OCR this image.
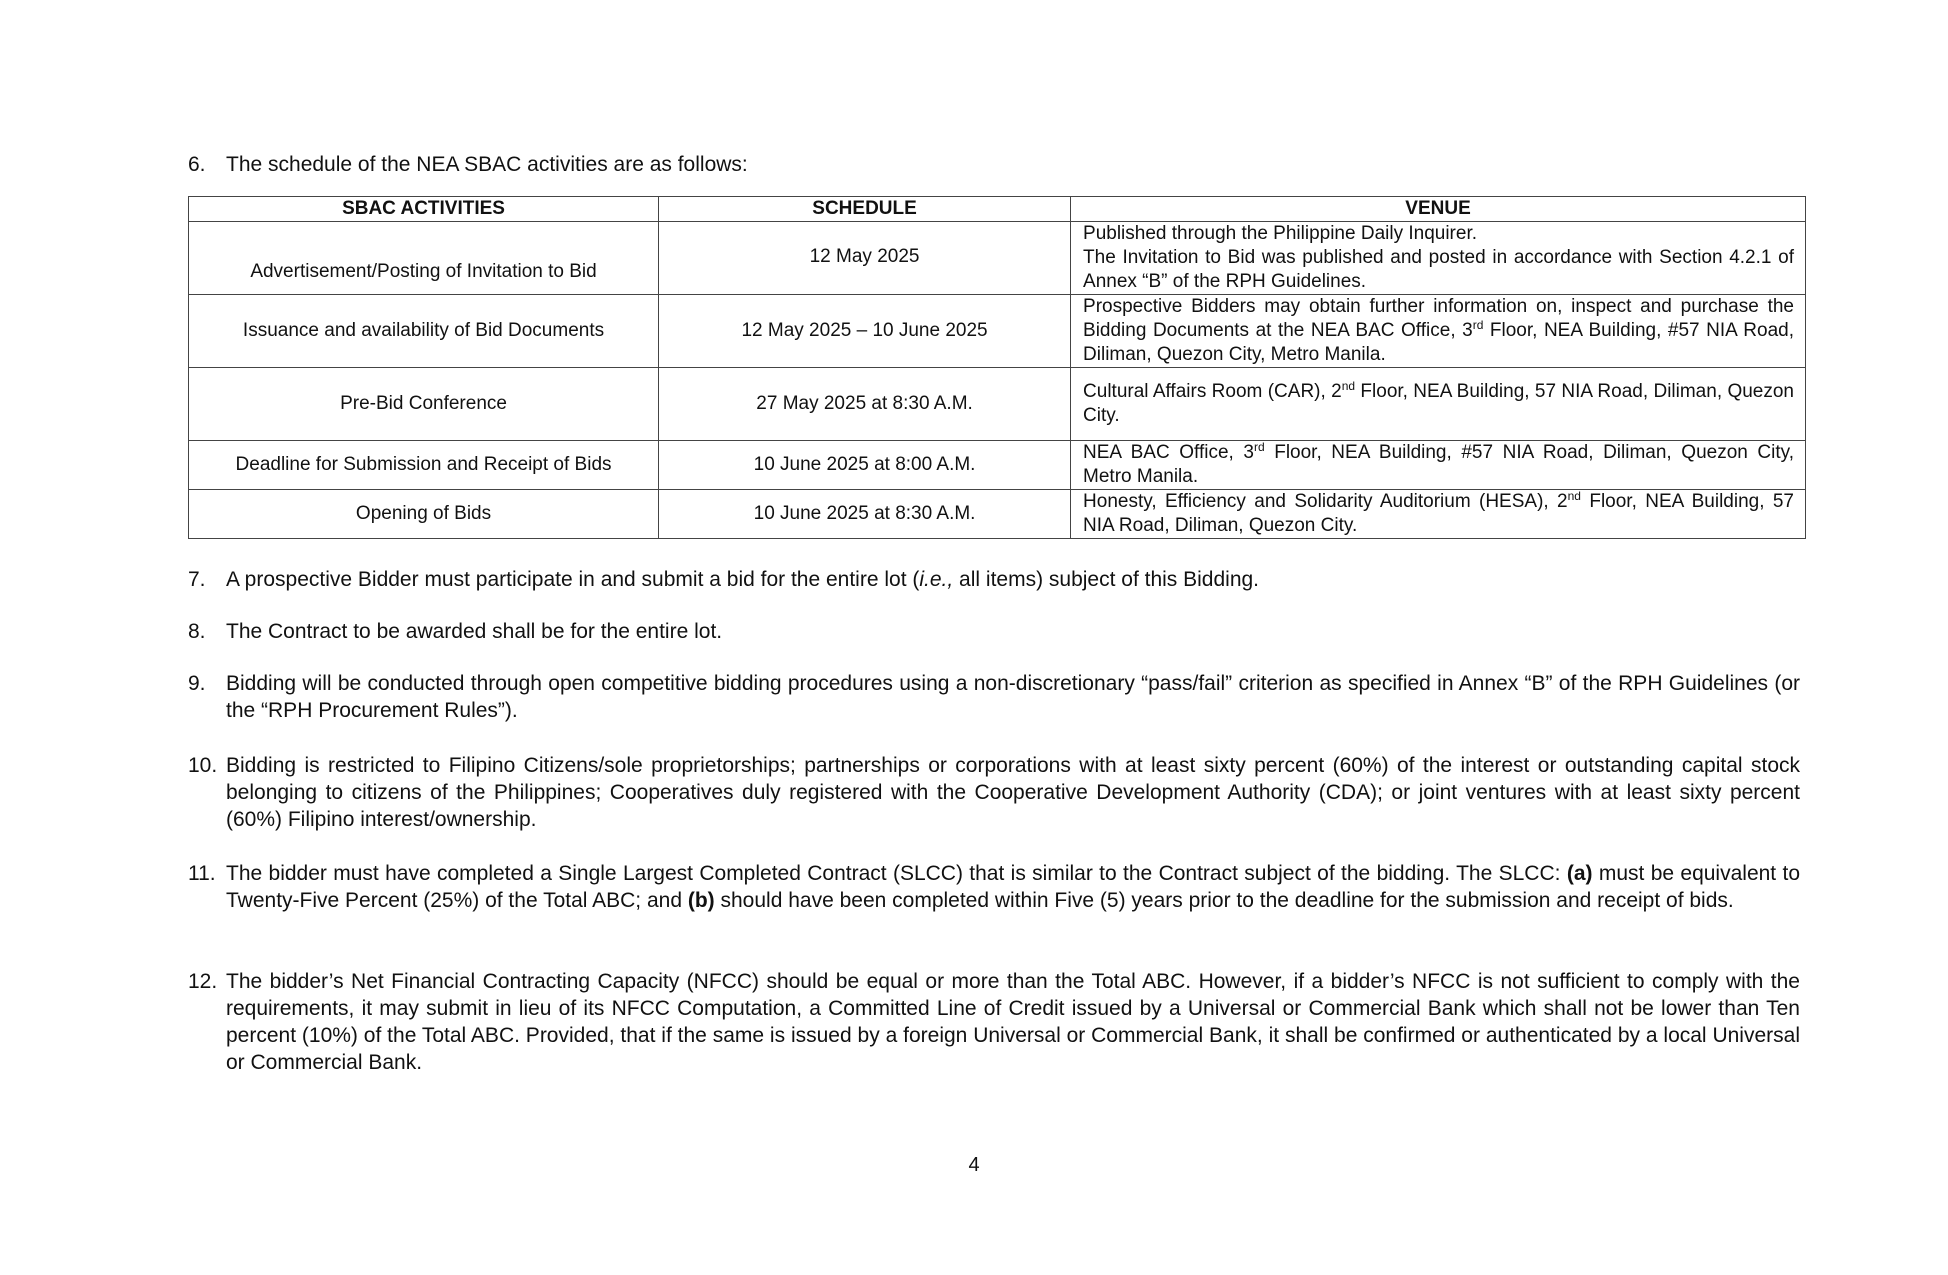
6. The schedule of the NEA SBAC activities are as follows:
SBAC ACTIVITIES	SCHEDULE	VENUE
Advertisement/Posting of Invitation to Bid	12 May 2025	Published through the Philippine Daily Inquirer.
The Invitation to Bid was published and posted in accordance with Section 4.2.1 of Annex “B” of the RPH Guidelines.

Issuance and availability of Bid Documents	12 May 2025 – 10 June 2025	Prospective Bidders may obtain further information on, inspect and purchase the Bidding Documents at the NEA BAC Office, 3rd Floor, NEA Building, #57 NIA Road, Diliman, Quezon City, Metro Manila.
Pre-Bid Conference	27 May 2025 at 8:30 A.M.	Cultural Affairs Room (CAR), 2nd Floor, NEA Building, 57 NIA Road, Diliman, Quezon City.
Deadline for Submission and Receipt of Bids	10 June 2025 at 8:00 A.M.	NEA BAC Office, 3rd Floor, NEA Building, #57 NIA Road, Diliman, Quezon City, Metro Manila.
Opening of Bids	10 June 2025 at 8:30 A.M.	Honesty, Efficiency and Solidarity Auditorium (HESA), 2nd Floor, NEA Building, 57 NIA Road, Diliman, Quezon City.
7. A prospective Bidder must participate in and submit a bid for the entire lot (i.e., all items) subject of this Bidding.
8. The Contract to be awarded shall be for the entire lot.
9. Bidding will be conducted through open competitive bidding procedures using a non-discretionary “pass/fail” criterion as specified in Annex “B” of the RPH Guidelines (or the “RPH Procurement Rules”).
10. Bidding is restricted to Filipino Citizens/sole proprietorships; partnerships or corporations with at least sixty percent (60%) of the interest or outstanding capital stock belonging to citizens of the Philippines; Cooperatives duly registered with the Cooperative Development Authority (CDA); or joint ventures with at least sixty percent (60%) Filipino interest/ownership.
11. The bidder must have completed a Single Largest Completed Contract (SLCC) that is similar to the Contract subject of the bidding. The SLCC: (a) must be equivalent to Twenty-Five Percent (25%) of the Total ABC; and (b) should have been completed within Five (5) years prior to the deadline for the submission and receipt of bids.
12. The bidder’s Net Financial Contracting Capacity (NFCC) should be equal or more than the Total ABC. However, if a bidder’s NFCC is not sufficient to comply with the requirements, it may submit in lieu of its NFCC Computation, a Committed Line of Credit issued by a Universal or Commercial Bank which shall not be lower than Ten percent (10%) of the Total ABC. Provided, that if the same is issued by a foreign Universal or Commercial Bank, it shall be confirmed or authenticated by a local Universal or Commercial Bank.
4
